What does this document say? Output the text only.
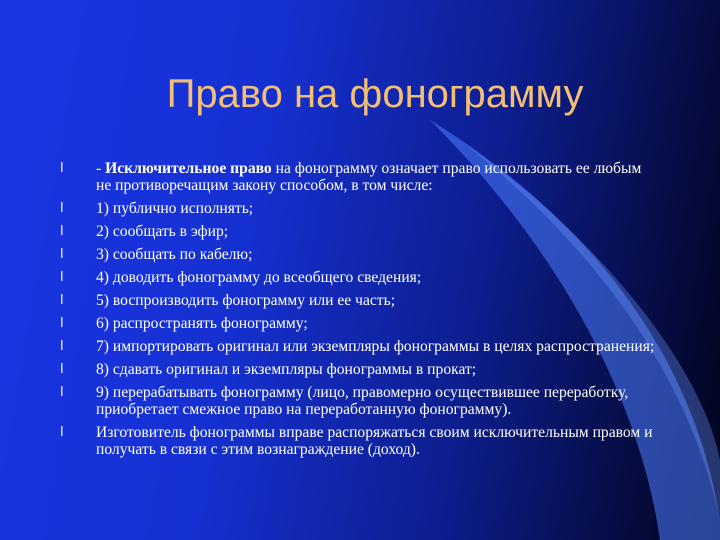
Право на фонограмму
l - Исключительное право на фонограмму означает право использовать ее любым не противоречащим закону способом, в том числе:
l 1) публично исполнять;
l 2) сообщать в эфир;
l 3) сообщать по кабелю;
l 4) доводить фонограмму до всеобщего сведения;
l 5) воспроизводить фонограмму или ее часть;
l 6) распространять фонограмму;
l 7) импортировать оригинал или экземпляры фонограммы в целях распространения;
l 8) сдавать оригинал и экземпляры фонограммы в прокат;
l 9) перерабатывать фонограмму (лицо, правомерно осуществившее переработку, приобретает смежное право на переработанную фонограмму).
l Изготовитель фонограммы вправе распоряжаться своим исключительным правом и получать в связи с этим вознаграждение (доход).
